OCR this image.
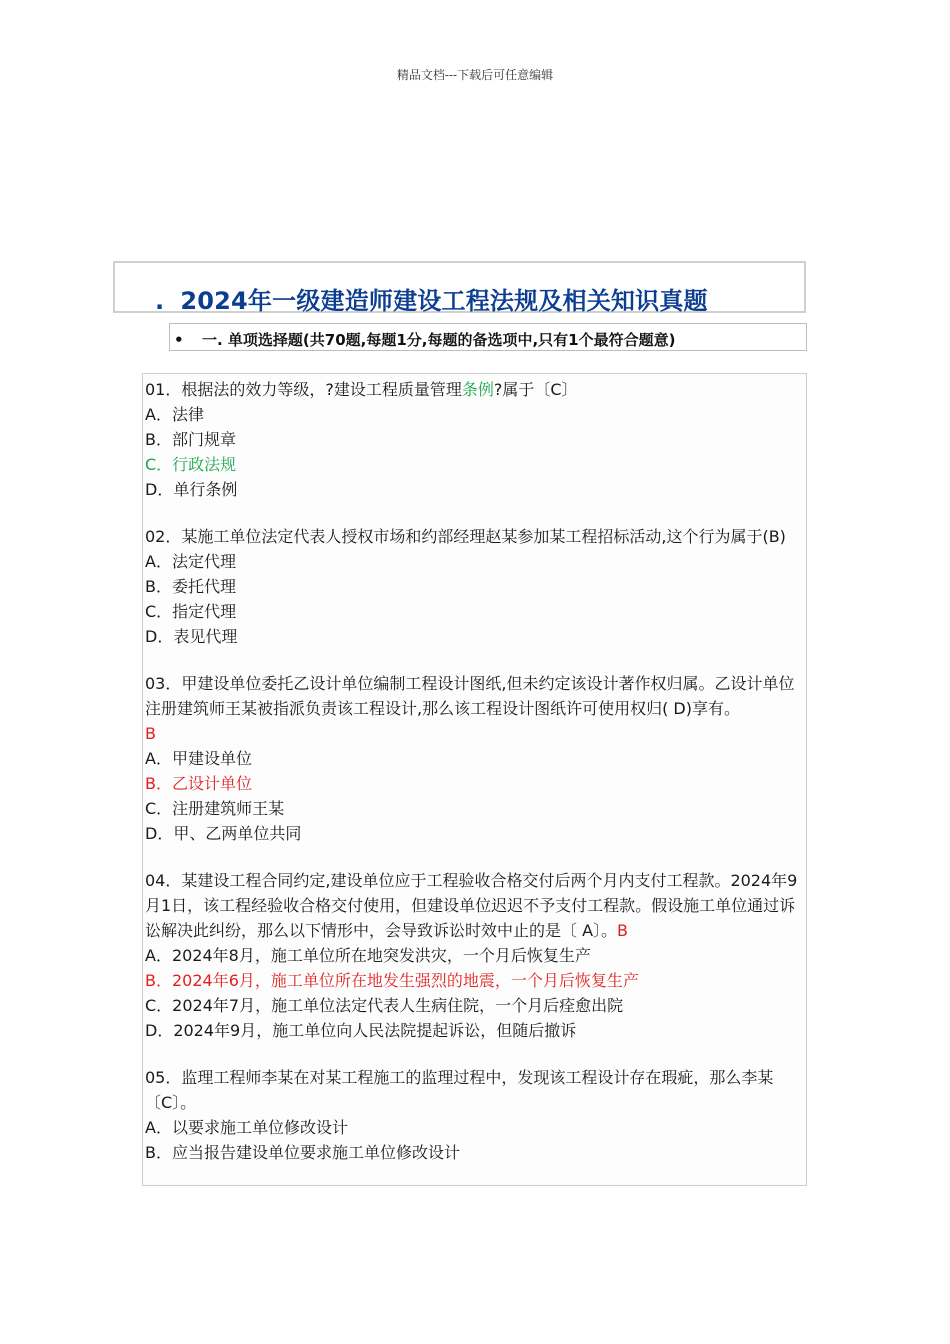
精品文档---下载后可任意编辑
. 2024年一级建造师建设工程法规及相关知识真题
• 一. 单项选择题(共70题,每题1分,每题的备选项中,只有1个最符合题意)
01．根据法的效力等级，?建设工程质量管理条例?属于〔C〕
A．法律
B．部门规章
C．行政法规
D．单行条例
02．某施工单位法定代表人授权市场和约部经理赵某参加某工程招标活动,这个行为属于(B)
A．法定代理
B．委托代理
C．指定代理
D．表见代理
03．甲建设单位委托乙设计单位编制工程设计图纸,但未约定该设计著作权归属。乙设计单位注册建筑师王某被指派负责该工程设计,那么该工程设计图纸许可使用权归( D)享有。
B
A．甲建设单位
B．乙设计单位
C．注册建筑师王某
D．甲、乙两单位共同
04．某建设工程合同约定,建设单位应于工程验收合格交付后两个月内支付工程款。2024年9月1日，该工程经验收合格交付使用，但建设单位迟迟不予支付工程款。假设施工单位通过诉讼解决此纠纷，那么以下情形中，会导致诉讼时效中止的是〔 A〕。B
A．2024年8月，施工单位所在地突发洪灾，一个月后恢复生产
B．2024年6月，施工单位所在地发生强烈的地震，一个月后恢复生产
C．2024年7月，施工单位法定代表人生病住院，一个月后痊愈出院
D．2024年9月，施工单位向人民法院提起诉讼，但随后撤诉
05．监理工程师李某在对某工程施工的监理过程中，发现该工程设计存在瑕疵，那么李某〔C〕。
A．以要求施工单位修改设计
B．应当报告建设单位要求施工单位修改设计
